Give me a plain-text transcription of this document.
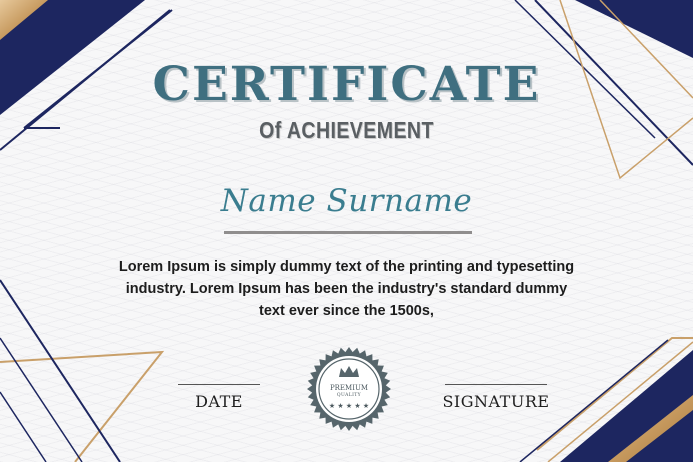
CERTIFICATE
Of ACHIEVEMENT

Name Surname

Lorem Ipsum is simply dummy text of the printing and typesetting industry. Lorem Ipsum has been the industry's standard dummy text ever since the 1500s,

DATE	SIGNATURE

PREMIUM

QUALITY

★ ★ ★ ★ ★
